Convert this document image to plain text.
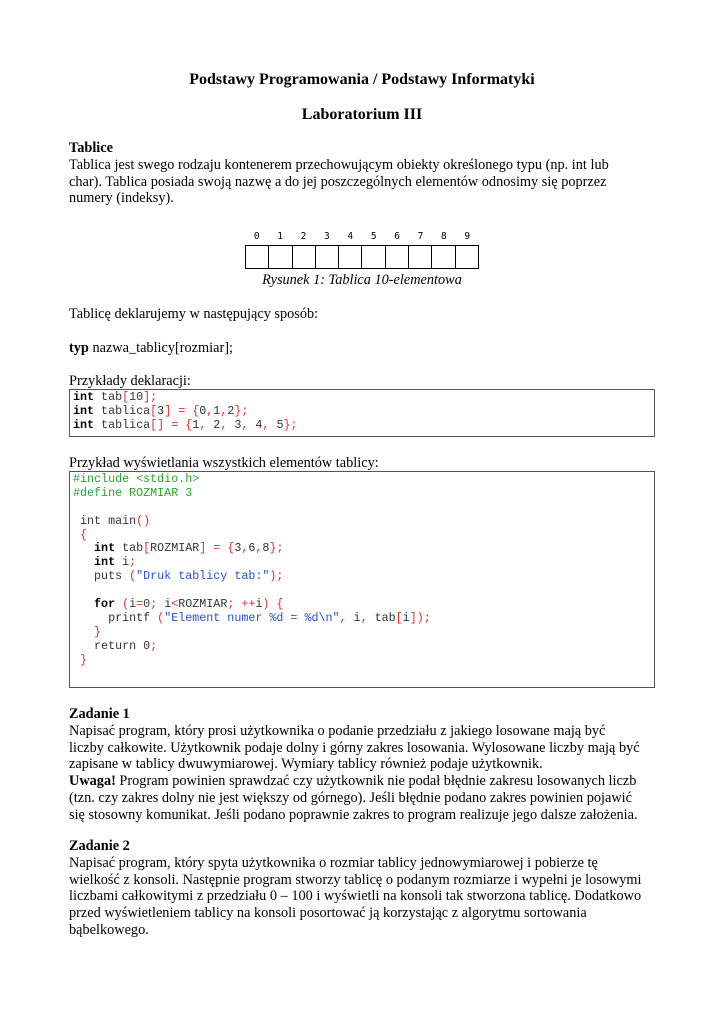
Podstawy Programowania / Podstawy Informatyki
Laboratorium III

Tablice

Tablica jest swego rodzaju kontenerem przechowującym obiekty określonego typu (np. int lub

char). Tablica posiada swoją nazwę a do jej poszczególnych elementów odnosimy się poprzez

numery (indeksy).

0	1	2	3	4	5	6	7	8	9
Rysunek 1: Tablica 10-elementowa
Tablicę deklarujemy w następujący sposób:
typ nazwa_tablicy[rozmiar];
Przykłady deklaracji:
int tab[10];
int tablica[3] = {0,1,2};
int tablica[] = {1, 2, 3, 4, 5};
Przykład wyświetlania wszystkich elementów tablicy:
#include <stdio.h>
#define ROZMIAR 3
int main()
{
int tab[ROZMIAR] = {3,6,8};
int i;
puts ("Druk tablicy tab:");
for (i=0; i<ROZMIAR; ++i) {
printf ("Element numer %d = %d\n", i, tab[i]);
}
return 0;
}

Zadanie 1

Napisać program, który prosi użytkownika o podanie przedziału z jakiego losowane mają być

liczby całkowite. Użytkownik podaje dolny i górny zakres losowania. Wylosowane liczby mają być

zapisane w tablicy dwuwymiarowej. Wymiary tablicy również podaje użytkownik.

Uwaga! Program powinien sprawdzać czy użytkownik nie podał błędnie zakresu losowanych liczb

(tzn. czy zakres dolny nie jest większy od górnego). Jeśli błędnie podano zakres powinien pojawić

się stosowny komunikat. Jeśli podano poprawnie zakres to program realizuje jego dalsze założenia.

Zadanie 2

Napisać program, który spyta użytkownika o rozmiar tablicy jednowymiarowej i pobierze tę

wielkość z konsoli. Następnie program stworzy tablicę o podanym rozmiarze i wypełni je losowymi

liczbami całkowitymi z przedziału 0 – 100 i wyświetli na konsoli tak stworzona tablicę. Dodatkowo

przed wyświetleniem tablicy na konsoli posortować ją korzystając z algorytmu sortowania

bąbelkowego.
